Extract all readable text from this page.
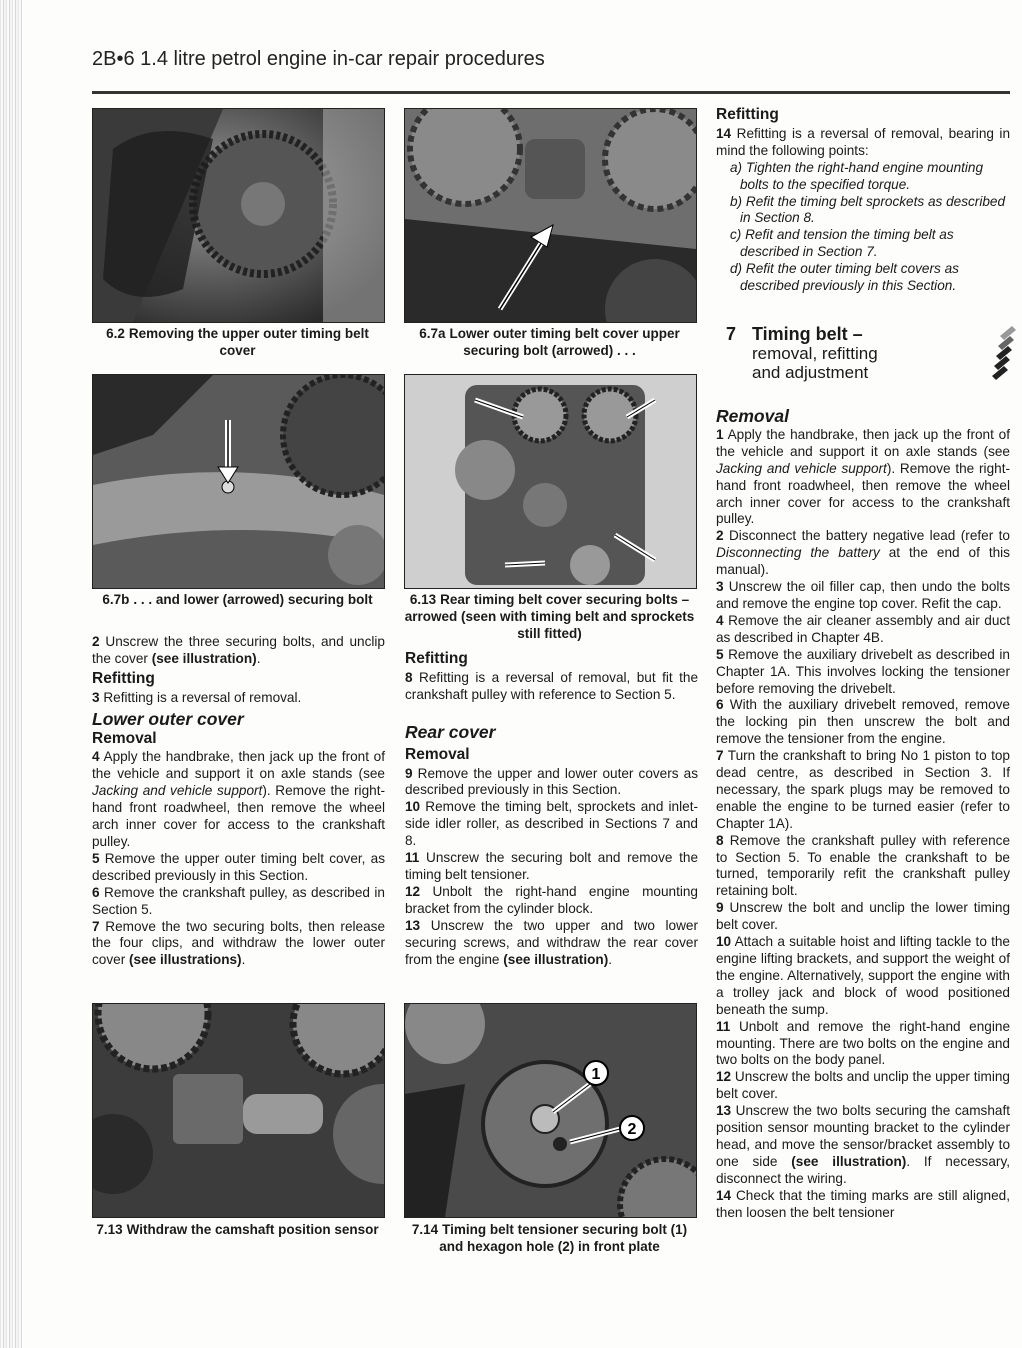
2B•6 1.4 litre petrol engine in-car repair procedures
6.2 Removing the upper outer timing belt cover
6.7a Lower outer timing belt cover upper securing bolt (arrowed) . . .
6.7b . . . and lower (arrowed) securing bolt	6.13 Rear timing belt cover securing bolts – arrowed (seen with timing belt and sprockets still fitted)
7.13 Withdraw the camshaft position sensor
1
2
7.14 Timing belt tensioner securing bolt (1) and hexagon hole (2) in front plate

2 Unscrew the three securing bolts, and unclip the cover (see illustration).

Refitting

3 Refitting is a reversal of removal.

Lower outer cover
Removal

4 Apply the handbrake, then jack up the front of the vehicle and support it on axle stands (see Jacking and vehicle support). Remove the right-hand front roadwheel, then remove the wheel arch inner cover for access to the crankshaft pulley.

5 Remove the upper outer timing belt cover, as described previously in this Section.

6 Remove the crankshaft pulley, as described in Section 5.

7 Remove the two securing bolts, then release the four clips, and withdraw the lower outer cover (see illustrations).

Refitting

8 Refitting is a reversal of removal, but fit the crankshaft pulley with reference to Section 5.

Rear cover
Removal

9 Remove the upper and lower outer covers as described previously in this Section.

10 Remove the timing belt, sprockets and inlet-side idler roller, as described in Sections 7 and 8.

11 Unscrew the securing bolt and remove the timing belt tensioner.

12 Unbolt the right-hand engine mounting bracket from the cylinder block.

13 Unscrew the two upper and two lower securing screws, and withdraw the rear cover from the engine (see illustration).

Refitting

14 Refitting is a reversal of removal, bearing in mind the following points:

a) Tighten the right-hand engine mounting bolts to the specified torque.

b) Refit the timing belt sprockets as described in Section 8.

c) Refit and tension the timing belt as described in Section 7.

d) Refit the outer timing belt covers as described previously in this Section.

7 Timing belt –
removal, refitting
and adjustment
Removal

1 Apply the handbrake, then jack up the front of the vehicle and support it on axle stands (see Jacking and vehicle support). Remove the right-hand front roadwheel, then remove the wheel arch inner cover for access to the crankshaft pulley.

2 Disconnect the battery negative lead (refer to Disconnecting the battery at the end of this manual).

3 Unscrew the oil filler cap, then undo the bolts and remove the engine top cover. Refit the cap.

4 Remove the air cleaner assembly and air duct as described in Chapter 4B.

5 Remove the auxiliary drivebelt as described in Chapter 1A. This involves locking the tensioner before removing the drivebelt.

6 With the auxiliary drivebelt removed, remove the locking pin then unscrew the bolt and remove the tensioner from the engine.

7 Turn the crankshaft to bring No 1 piston to top dead centre, as described in Section 3. If necessary, the spark plugs may be removed to enable the engine to be turned easier (refer to Chapter 1A).

8 Remove the crankshaft pulley with reference to Section 5. To enable the crankshaft to be turned, temporarily refit the crankshaft pulley retaining bolt.

9 Unscrew the bolt and unclip the lower timing belt cover.

10 Attach a suitable hoist and lifting tackle to the engine lifting brackets, and support the weight of the engine. Alternatively, support the engine with a trolley jack and block of wood positioned beneath the sump.

11 Unbolt and remove the right-hand engine mounting. There are two bolts on the engine and two bolts on the body panel.

12 Unscrew the bolts and unclip the upper timing belt cover.

13 Unscrew the two bolts securing the camshaft position sensor mounting bracket to the cylinder head, and move the sensor/bracket assembly to one side (see illustration). If necessary, disconnect the wiring.

14 Check that the timing marks are still aligned, then loosen the belt tensioner
